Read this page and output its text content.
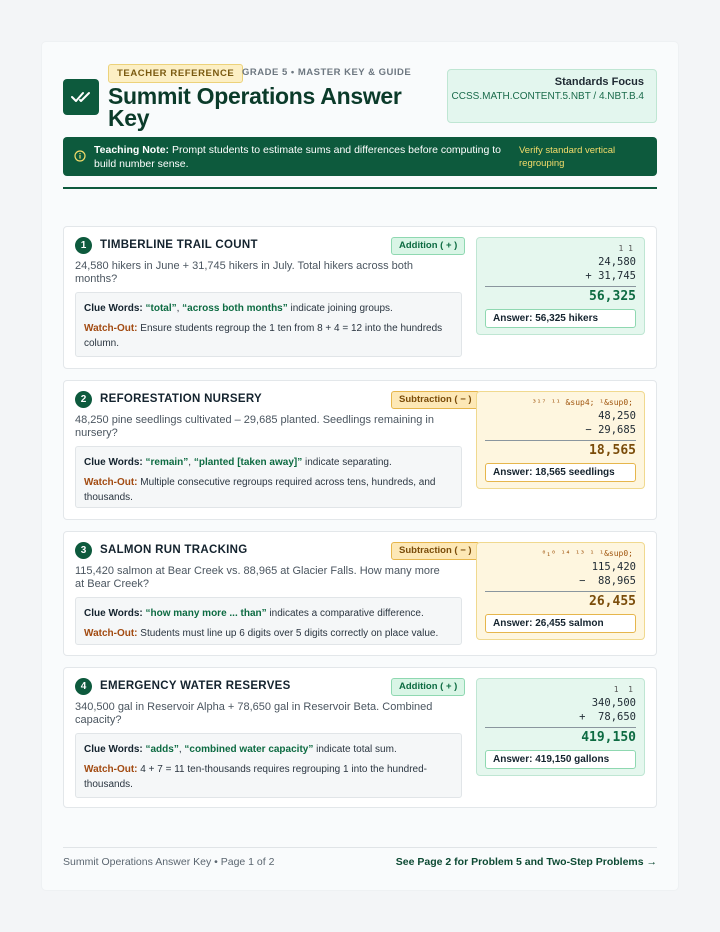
TEACHER REFERENCE GRADE 5 • MASTER KEY & GUIDE
Summit Operations Answer Key
Standards Focus
CCSS.MATH.CONTENT.5.NBT / 4.NBT.B.4
Teaching Note: Prompt students to estimate sums and differences before computing to build number sense.
Verify standard vertical regrouping
1	TIMBERLINE TRAIL COUNT	Addition ( + )
24,580 hikers in June + 31,745 hikers in July. Total hikers across both months?
Clue Words: “total”, “across both months” indicate joining groups.
Watch-Out: Ensure students regroup the 1 ten from 8 + 4 = 12 into the hundreds column.
1 1
24,580
+ 31,745
56,325
Answer: 56,325 hikers
2	REFORESTATION NURSERY	Subtraction ( − )
48,250 pine seedlings cultivated – 29,685 planted. Seedlings remaining in nursery?
Clue Words: “remain”, “planted [taken away]” indicate separating.
Watch-Out: Multiple consecutive regroups required across tens, hundreds, and thousands.
³¹⁷ ¹¹ &sup4; ¹&sup0;
48,250
− 29,685
18,565
Answer: 18,565 seedlings
3	SALMON RUN TRACKING	Subtraction ( − )
115,420 salmon at Bear Creek vs. 88,965 at Glacier Falls. How many more at Bear Creek?
Clue Words: “how many more ... than” indicates a comparative difference.
Watch-Out: Students must line up 6 digits over 5 digits correctly on place value.
⁰₁⁰ ¹⁴ ¹³ ¹ ¹&sup0;
115,420
−  88,965
26,455
Answer: 26,455 salmon
4	EMERGENCY WATER RESERVES	Addition ( + )
340,500 gal in Reservoir Alpha + 78,650 gal in Reservoir Beta. Combined capacity?
Clue Words: “adds”, “combined water capacity” indicate total sum.
Watch-Out: 4 + 7 = 11 ten-thousands requires regrouping 1 into the hundred-thousands.
1  1
340,500
+  78,650
419,150
Answer: 419,150 gallons
Summit Operations Answer Key • Page 1 of 2	See Page 2 for Problem 5 and Two-Step Problems →
